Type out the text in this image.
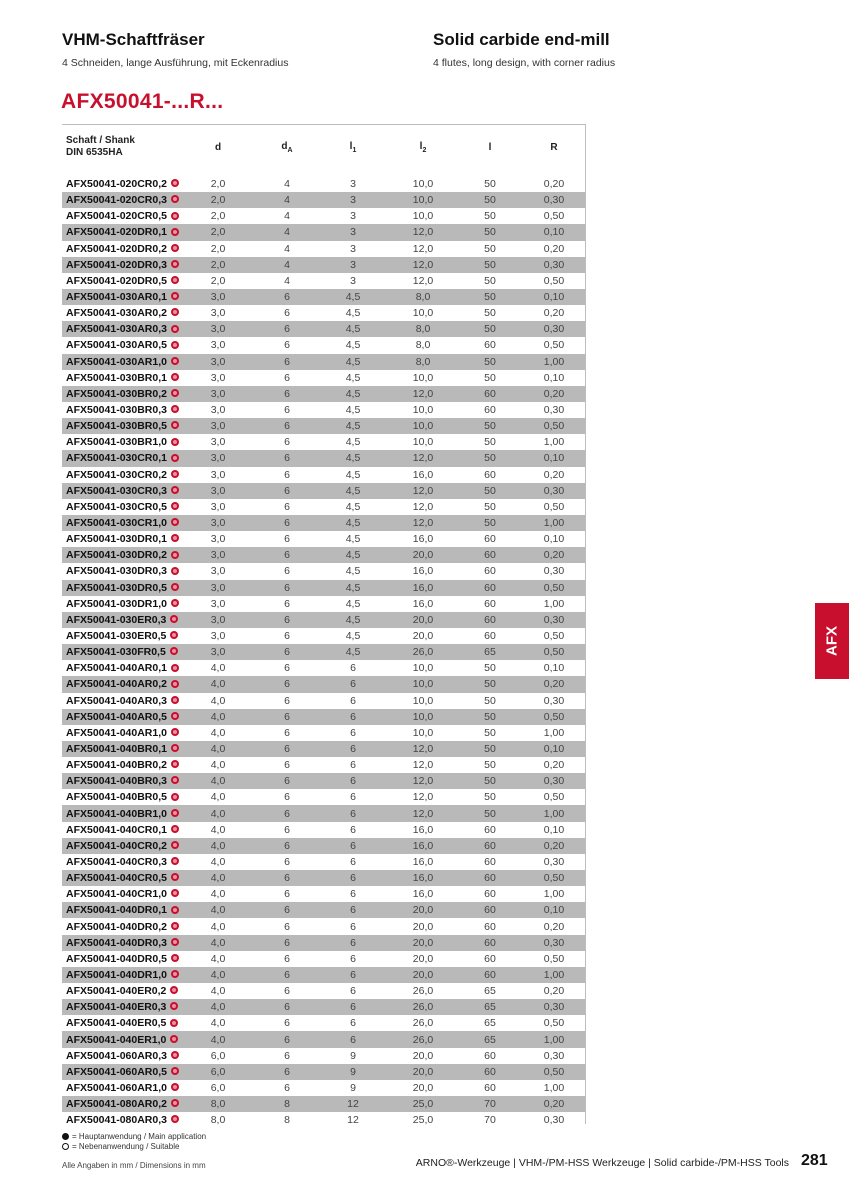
VHM-Schaftfräser
4 Schneiden, lange Ausführung, mit Eckenradius
Solid carbide end-mill
4 flutes, long design, with corner radius
AFX50041-...R...
Schaft / Shank
DIN 6535HA	d	$d_A$	$l_1$	$l_2$	l	R

AFX50041-020CR0,2	2,0	4	3	10,0	50	0,20
AFX50041-020CR0,3	2,0	4	3	10,0	50	0,30
AFX50041-020CR0,5	2,0	4	3	10,0	50	0,50
AFX50041-020DR0,1	2,0	4	3	12,0	50	0,10
AFX50041-020DR0,2	2,0	4	3	12,0	50	0,20
AFX50041-020DR0,3	2,0	4	3	12,0	50	0,30
AFX50041-020DR0,5	2,0	4	3	12,0	50	0,50
AFX50041-030AR0,1	3,0	6	4,5	8,0	50	0,10
AFX50041-030AR0,2	3,0	6	4,5	10,0	50	0,20
AFX50041-030AR0,3	3,0	6	4,5	8,0	50	0,30
AFX50041-030AR0,5	3,0	6	4,5	8,0	60	0,50
AFX50041-030AR1,0	3,0	6	4,5	8,0	50	1,00
AFX50041-030BR0,1	3,0	6	4,5	10,0	50	0,10
AFX50041-030BR0,2	3,0	6	4,5	12,0	60	0,20
AFX50041-030BR0,3	3,0	6	4,5	10,0	60	0,30
AFX50041-030BR0,5	3,0	6	4,5	10,0	50	0,50
AFX50041-030BR1,0	3,0	6	4,5	10,0	50	1,00
AFX50041-030CR0,1	3,0	6	4,5	12,0	50	0,10
AFX50041-030CR0,2	3,0	6	4,5	16,0	60	0,20
AFX50041-030CR0,3	3,0	6	4,5	12,0	50	0,30
AFX50041-030CR0,5	3,0	6	4,5	12,0	50	0,50
AFX50041-030CR1,0	3,0	6	4,5	12,0	50	1,00
AFX50041-030DR0,1	3,0	6	4,5	16,0	60	0,10
AFX50041-030DR0,2	3,0	6	4,5	20,0	60	0,20
AFX50041-030DR0,3	3,0	6	4,5	16,0	60	0,30
AFX50041-030DR0,5	3,0	6	4,5	16,0	60	0,50
AFX50041-030DR1,0	3,0	6	4,5	16,0	60	1,00
AFX50041-030ER0,3	3,0	6	4,5	20,0	60	0,30
AFX50041-030ER0,5	3,0	6	4,5	20,0	60	0,50
AFX50041-030FR0,5	3,0	6	4,5	26,0	65	0,50
AFX50041-040AR0,1	4,0	6	6	10,0	50	0,10
AFX50041-040AR0,2	4,0	6	6	10,0	50	0,20
AFX50041-040AR0,3	4,0	6	6	10,0	50	0,30
AFX50041-040AR0,5	4,0	6	6	10,0	50	0,50
AFX50041-040AR1,0	4,0	6	6	10,0	50	1,00
AFX50041-040BR0,1	4,0	6	6	12,0	50	0,10
AFX50041-040BR0,2	4,0	6	6	12,0	50	0,20
AFX50041-040BR0,3	4,0	6	6	12,0	50	0,30
AFX50041-040BR0,5	4,0	6	6	12,0	50	0,50
AFX50041-040BR1,0	4,0	6	6	12,0	50	1,00
AFX50041-040CR0,1	4,0	6	6	16,0	60	0,10
AFX50041-040CR0,2	4,0	6	6	16,0	60	0,20
AFX50041-040CR0,3	4,0	6	6	16,0	60	0,30
AFX50041-040CR0,5	4,0	6	6	16,0	60	0,50
AFX50041-040CR1,0	4,0	6	6	16,0	60	1,00
AFX50041-040DR0,1	4,0	6	6	20,0	60	0,10
AFX50041-040DR0,2	4,0	6	6	20,0	60	0,20
AFX50041-040DR0,3	4,0	6	6	20,0	60	0,30
AFX50041-040DR0,5	4,0	6	6	20,0	60	0,50
AFX50041-040DR1,0	4,0	6	6	20,0	60	1,00
AFX50041-040ER0,2	4,0	6	6	26,0	65	0,20
AFX50041-040ER0,3	4,0	6	6	26,0	65	0,30
AFX50041-040ER0,5	4,0	6	6	26,0	65	0,50
AFX50041-040ER1,0	4,0	6	6	26,0	65	1,00
AFX50041-060AR0,3	6,0	6	9	20,0	60	0,30
AFX50041-060AR0,5	6,0	6	9	20,0	60	0,50
AFX50041-060AR1,0	6,0	6	9	20,0	60	1,00
AFX50041-080AR0,2	8,0	8	12	25,0	70	0,20
AFX50041-080AR0,3	8,0	8	12	25,0	70	0,30
AFX
= Hauptanwendung / Main application
= Nebenanwendung / Suitable
Alle Angaben in mm / Dimensions in mm	ARNO®-Werkzeuge | VHM-/PM-HSS Werkzeuge | Solid carbide-/PM-HSS Tools 281
